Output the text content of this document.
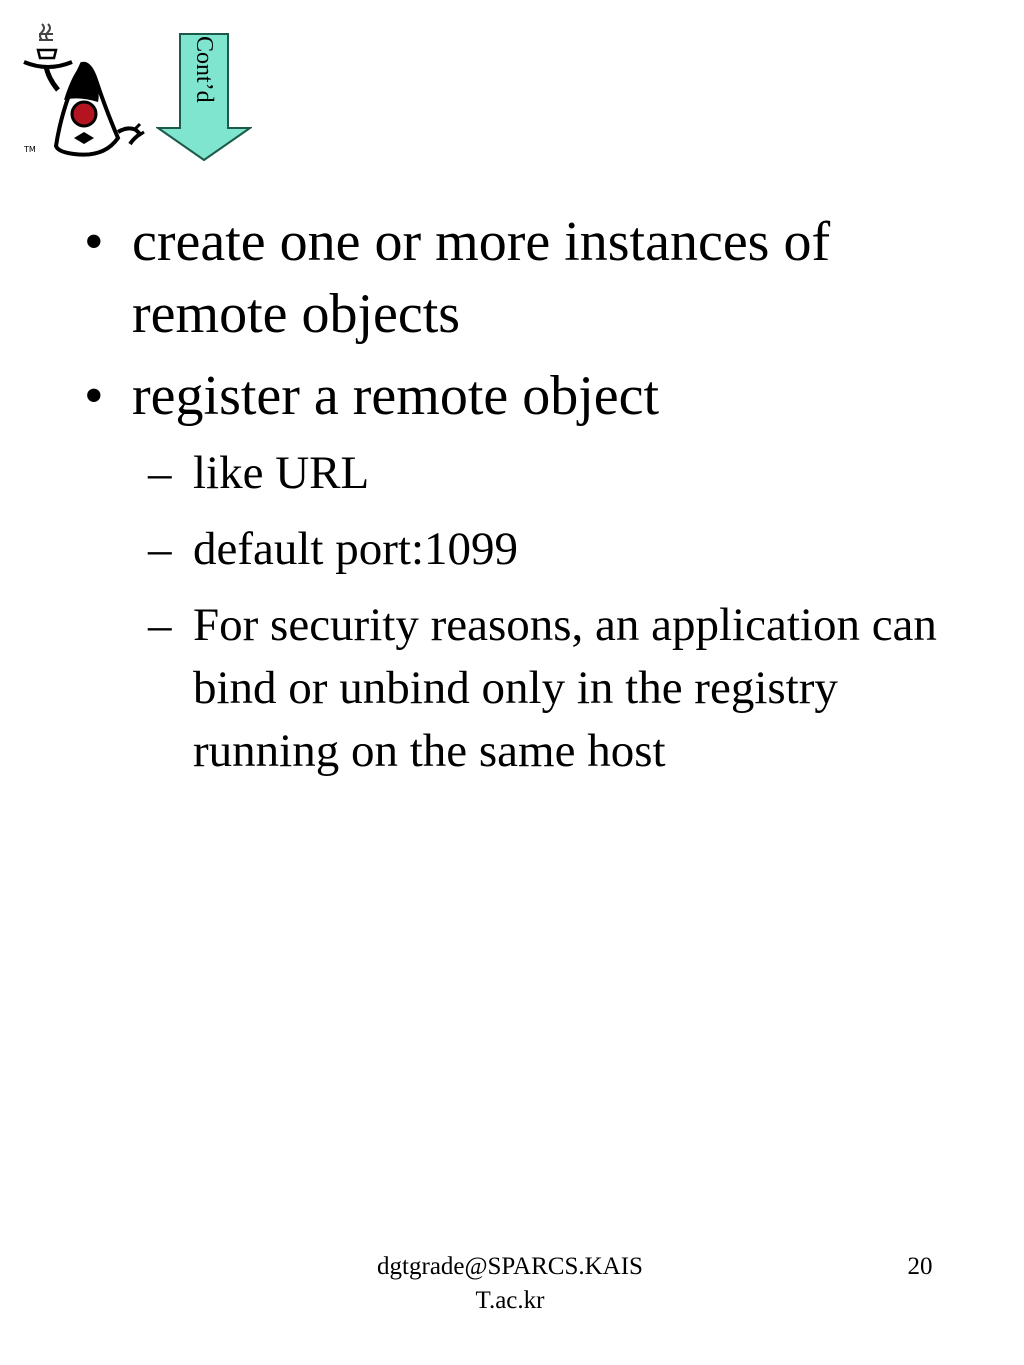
TM
Cont’d
• create one or more instances of remote objects
• register a remote object
– like URL
– default port:1099
– For security reasons, an application can bind or unbind only in the registry running on the same host
dgtgrade@SPARCS.KAIS
T.ac.kr
20
